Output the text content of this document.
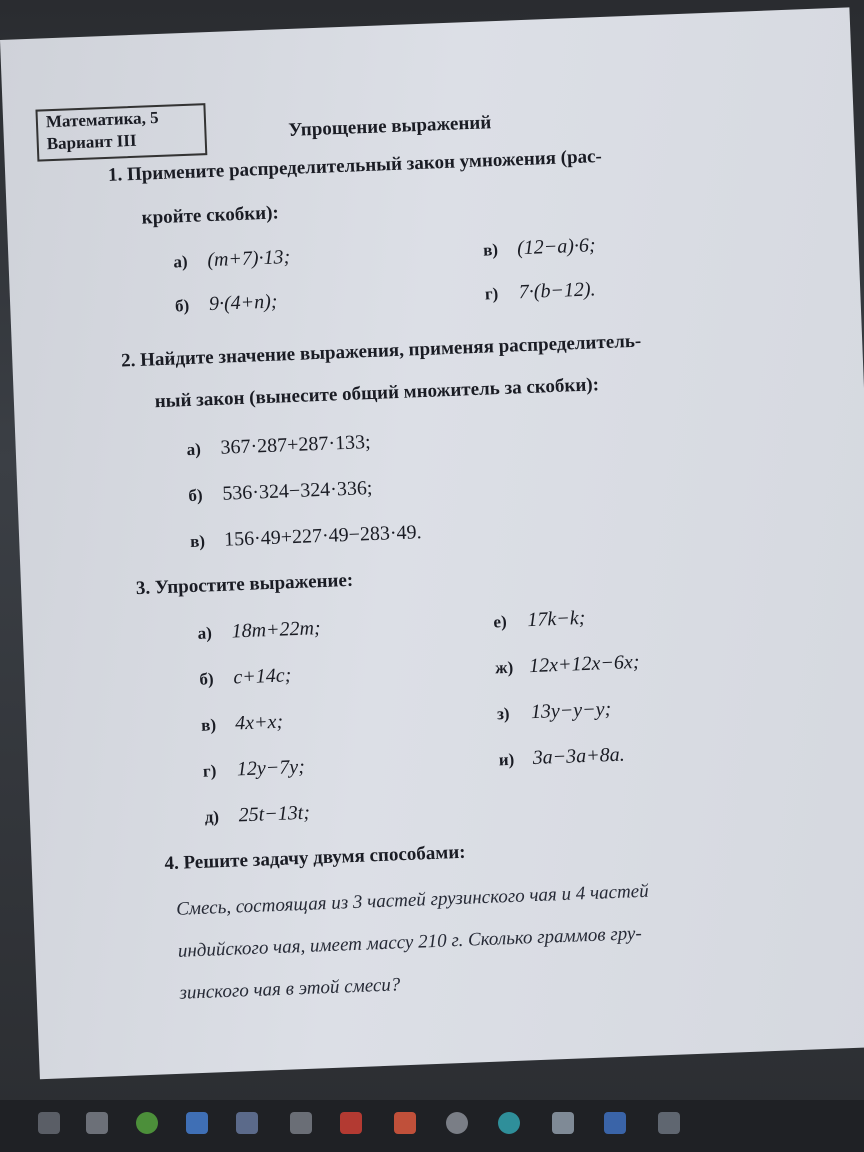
Математика, 5
Вариант III
Упрощение выражений
1. Примените распределительный закон умножения (рас-
кройте скобки):
а) (m+7)·13;
б) 9·(4+n);
в) (12−a)·6;
г) 7·(b−12).
2. Найдите значение выражения, применяя распределитель-
ный закон (вынесите общий множитель за скобки):
а) 367·287+287·133;
б) 536·324−324·336;
в) 156·49+227·49−283·49.
3. Упростите выражение:
а) 18m+22m;
б) c+14c;
в) 4x+x;
г) 12y−7y;
д) 25t−13t;
е) 17k−k;
ж) 12x+12x−6x;
з) 13y−y−y;
и) 3a−3a+8a.
4. Решите задачу двумя способами:
Смесь, состоящая из 3 частей грузинского чая и 4 частей
индийского чая, имеет массу 210 г. Сколько граммов гру-
зинского чая в этой смеси?
